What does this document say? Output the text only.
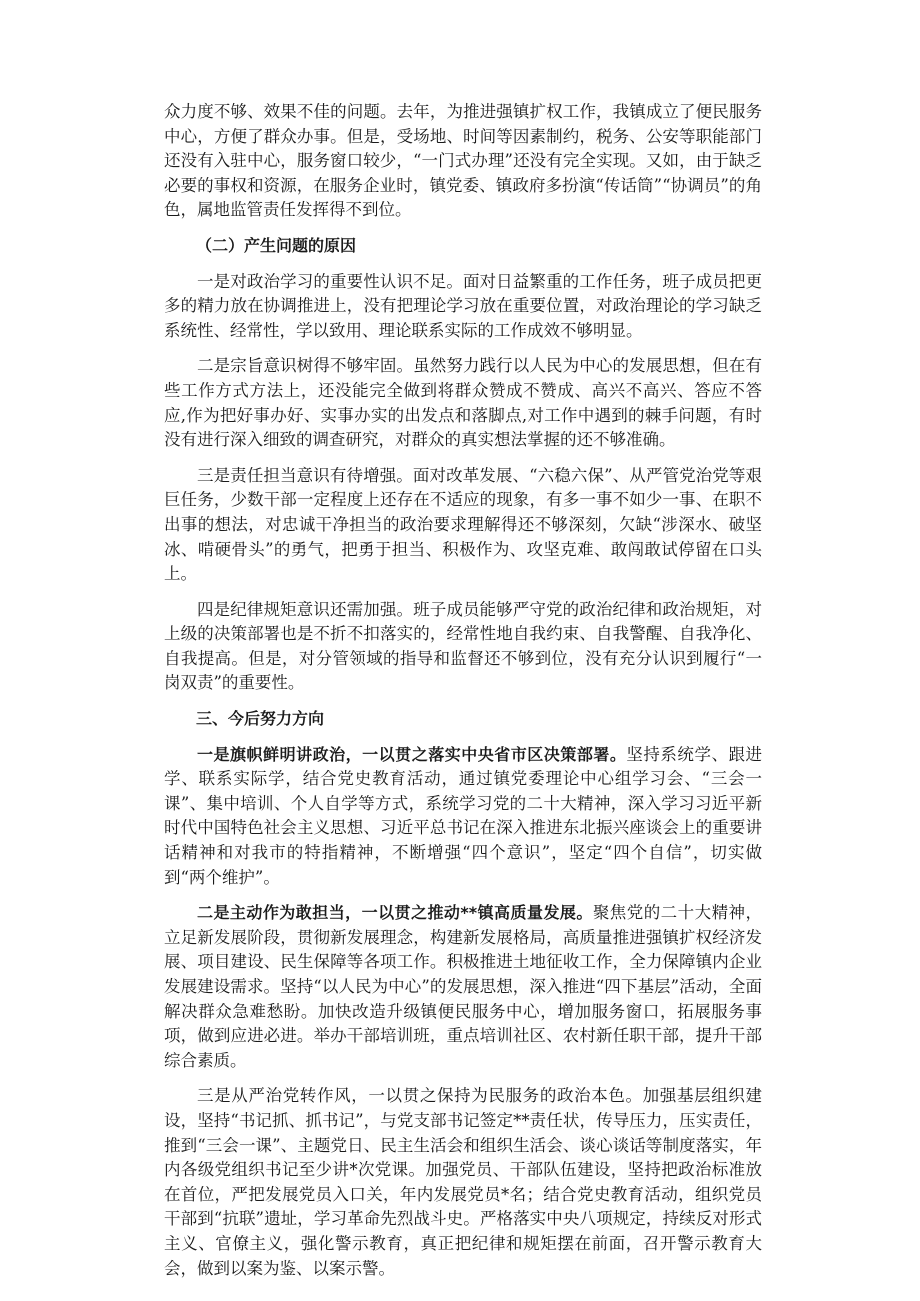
众力度不够、效果不佳的问题。去年，为推进强镇扩权工作，我镇成立了便民服务中心，方便了群众办事。但是，受场地、时间等因素制约，税务、公安等职能部门还没有入驻中心，服务窗口较少，“一门式办理”还没有完全实现。又如，由于缺乏必要的事权和资源，在服务企业时，镇党委、镇政府多扮演“传话筒”“协调员”的角色，属地监管责任发挥得不到位。

（二）产生问题的原因

一是对政治学习的重要性认识不足。面对日益繁重的工作任务，班子成员把更多的精力放在协调推进上，没有把理论学习放在重要位置，对政治理论的学习缺乏系统性、经常性，学以致用、理论联系实际的工作成效不够明显。

二是宗旨意识树得不够牢固。虽然努力践行以人民为中心的发展思想，但在有些工作方式方法上，还没能完全做到将群众赞成不赞成、高兴不高兴、答应不答应,作为把好事办好、实事办实的出发点和落脚点,对工作中遇到的棘手问题，有时没有进行深入细致的调查研究，对群众的真实想法掌握的还不够准确。

三是责任担当意识有待增强。面对改革发展、“六稳六保”、从严管党治党等艰巨任务，少数干部一定程度上还存在不适应的现象，有多一事不如少一事、在职不出事的想法，对忠诚干净担当的政治要求理解得还不够深刻，欠缺“涉深水、破坚冰、啃硬骨头”的勇气，把勇于担当、积极作为、攻坚克难、敢闯敢试停留在口头上。

四是纪律规矩意识还需加强。班子成员能够严守党的政治纪律和政治规矩，对上级的决策部署也是不折不扣落实的，经常性地自我约束、自我警醒、自我净化、自我提高。但是，对分管领域的指导和监督还不够到位，没有充分认识到履行“一岗双责”的重要性。

三、今后努力方向

一是旗帜鲜明讲政治，一以贯之落实中央省市区决策部署。坚持系统学、跟进学、联系实际学，结合党史教育活动，通过镇党委理论中心组学习会、“三会一课”、集中培训、个人自学等方式，系统学习党的二十大精神，深入学习习近平新时代中国特色社会主义思想、习近平总书记在深入推进东北振兴座谈会上的重要讲话精神和对我市的特指精神，不断增强“四个意识”，坚定“四个自信”，切实做到“两个维护”。

二是主动作为敢担当，一以贯之推动**镇高质量发展。聚焦党的二十大精神，立足新发展阶段，贯彻新发展理念，构建新发展格局，高质量推进强镇扩权经济发展、项目建设、民生保障等各项工作。积极推进土地征收工作，全力保障镇内企业发展建设需求。坚持“以人民为中心”的发展思想，深入推进“四下基层”活动，全面解决群众急难愁盼。加快改造升级镇便民服务中心，增加服务窗口，拓展服务事项，做到应进必进。举办干部培训班，重点培训社区、农村新任职干部，提升干部综合素质。

三是从严治党转作风，一以贯之保持为民服务的政治本色。加强基层组织建设，坚持“书记抓、抓书记”，与党支部书记签定**责任状，传导压力，压实责任，推到“三会一课”、主题党日、民主生活会和组织生活会、谈心谈话等制度落实，年内各级党组织书记至少讲*次党课。加强党员、干部队伍建设，坚持把政治标准放在首位，严把发展党员入口关，年内发展党员*名；结合党史教育活动，组织党员干部到“抗联”遗址，学习革命先烈战斗史。严格落实中央八项规定，持续反对形式主义、官僚主义，强化警示教育，真正把纪律和规矩摆在前面，召开警示教育大会，做到以案为鉴、以案示警。
